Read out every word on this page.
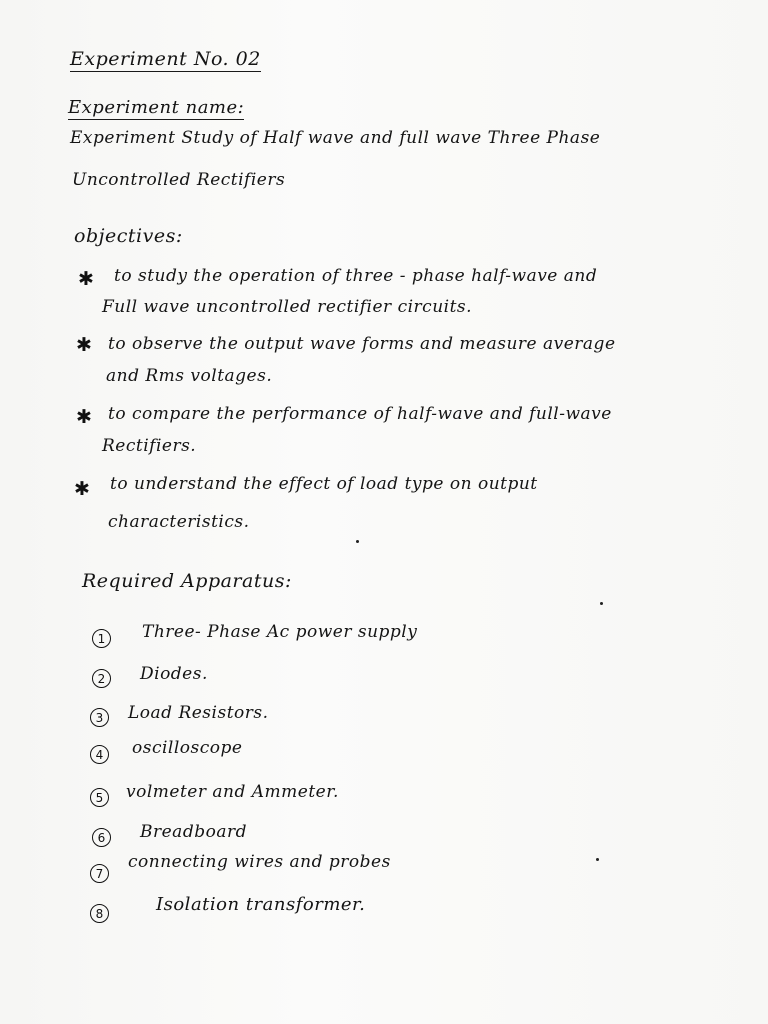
Experiment No. 02
Experiment name:
Experiment Study of Half wave and full wave Three Phase
Uncontrolled Rectifiers
objectives:
✱ to study the operation of three - phase half-wave and
Full wave uncontrolled rectifier circuits.
✱ to observe the output wave forms and measure average
and Rms voltages.
✱ to compare the performance of half-wave and full-wave
Rectifiers.
✱ to understand the effect of load type on output
characteristics.
Required Apparatus:
1	Three- Phase Ac power supply
2	Diodes.
3	Load Resistors.
4	oscilloscope
5	volmeter and Ammeter.
6	Breadboard
7
connecting wires and probes
8	Isolation transformer.
